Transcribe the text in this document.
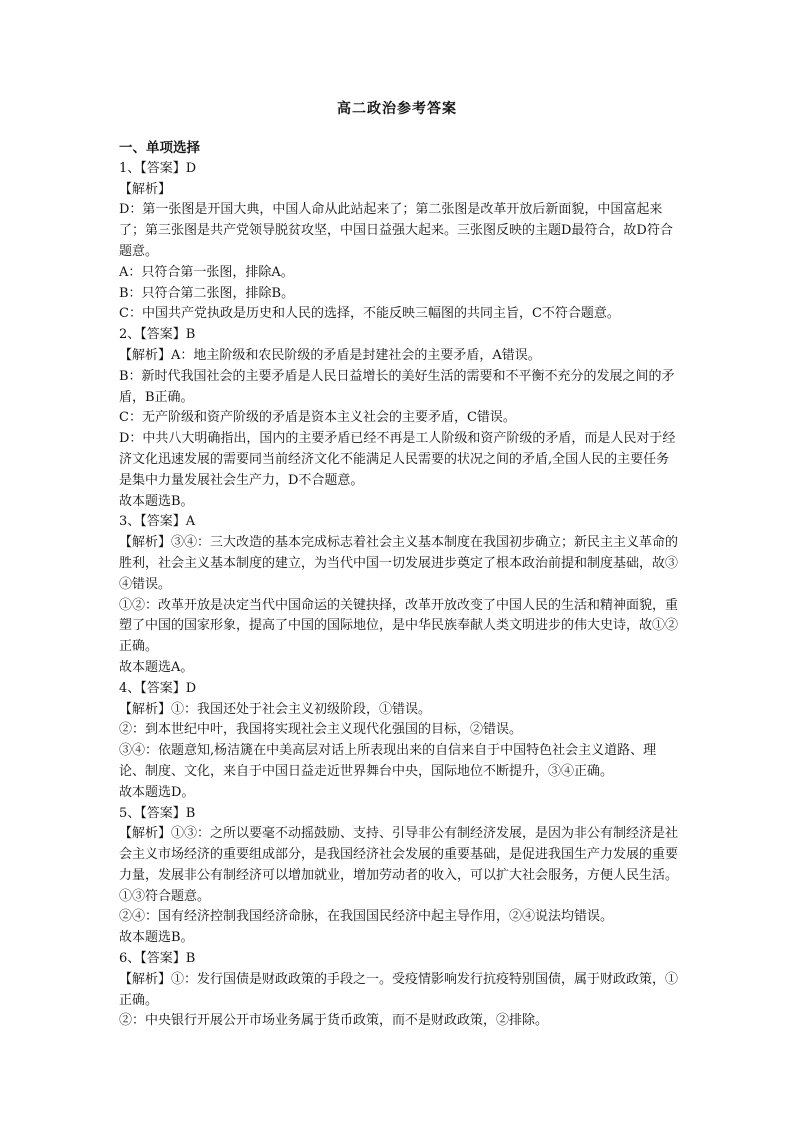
高二政治参考答案
一、单项选择
1、【答案】D
【解析】
D：第一张图是开国大典，中国人命从此站起来了；第二张图是改革开放后新面貌，中国富起来了；第三张图是共产党领导脱贫攻坚，中国日益强大起来。三张图反映的主题D最符合，故D符合题意。
A：只符合第一张图，排除A。
B：只符合第二张图，排除B。
C：中国共产党执政是历史和人民的选择，不能反映三幅图的共同主旨，C不符合题意。
2、【答案】B
【解析】A：地主阶级和农民阶级的矛盾是封建社会的主要矛盾，A错误。
B：新时代我国社会的主要矛盾是人民日益增长的美好生活的需要和不平衡不充分的发展之间的矛盾，B正确。
C：无产阶级和资产阶级的矛盾是资本主义社会的主要矛盾，C错误。
D：中共八大明确指出，国内的主要矛盾已经不再是工人阶级和资产阶级的矛盾，而是人民对于经济文化迅速发展的需要同当前经济文化不能满足人民需要的状况之间的矛盾,全国人民的主要任务是集中力量发展社会生产力，D不合题意。
故本题选B。
3、【答案】A
【解析】③④：三大改造的基本完成标志着社会主义基本制度在我国初步确立；新民主主义革命的胜利，社会主义基本制度的建立，为当代中国一切发展进步奠定了根本政治前提和制度基础，故③④错误。
①②：改革开放是决定当代中国命运的关键抉择，改革开放改变了中国人民的生活和精神面貌，重塑了中国的国家形象，提高了中国的国际地位，是中华民族奉献人类文明进步的伟大史诗，故①②正确。
故本题选A。
4、【答案】D
【解析】①：我国还处于社会主义初级阶段，①错误。
②：到本世纪中叶，我国将实现社会主义现代化强国的目标，②错误。
③④：依题意知,杨洁篪在中美高层对话上所表现出来的自信来自于中国特色社会主义道路、理论、制度、文化，来自于中国日益走近世界舞台中央，国际地位不断提升，③④正确。
故本题选D。
5、【答案】B
【解析】①③：之所以要毫不动摇鼓励、支持、引导非公有制经济发展，是因为非公有制经济是社会主义市场经济的重要组成部分，是我国经济社会发展的重要基础，是促进我国生产力发展的重要力量，发展非公有制经济可以增加就业，增加劳动者的收入，可以扩大社会服务，方便人民生活。①③符合题意。
②④：国有经济控制我国经济命脉，在我国国民经济中起主导作用，②④说法均错误。
故本题选B。
6、【答案】B
【解析】①：发行国债是财政政策的手段之一。受疫情影响发行抗疫特别国债，属于财政政策，①正确。
②：中央银行开展公开市场业务属于货币政策，而不是财政政策，②排除。
